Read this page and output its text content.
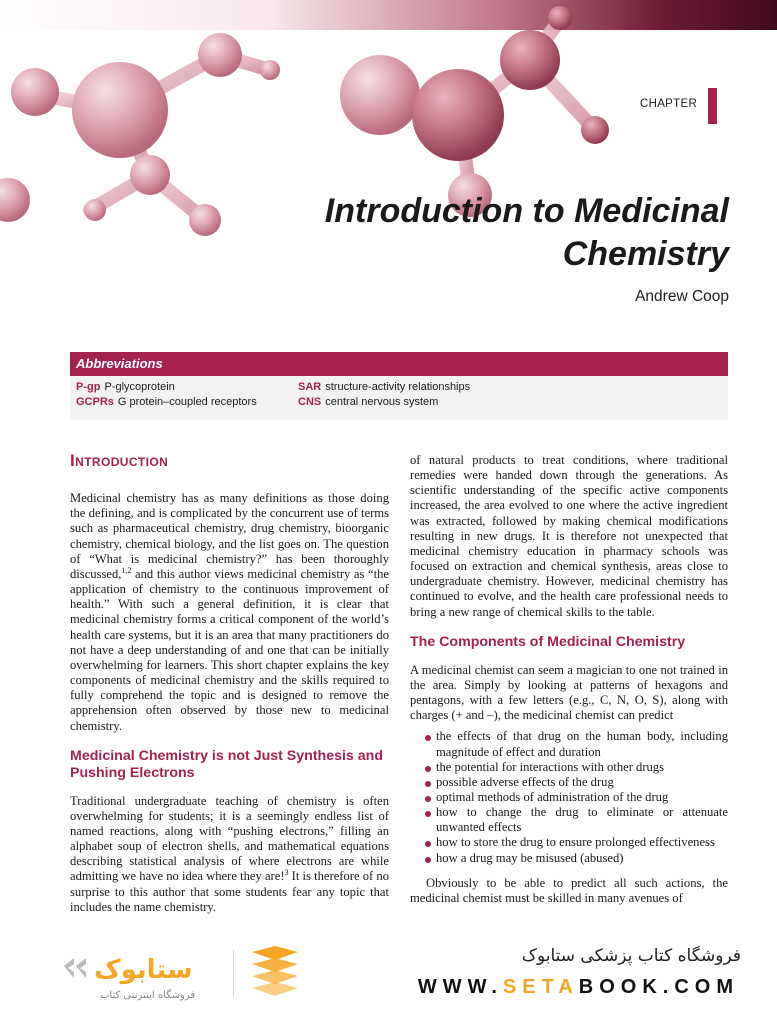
CHAPTER
Introduction to Medicinal
Chemistry
Andrew Coop
Abbreviations
P-gp P-glycoprotein
GCPRs G protein–coupled receptors
SAR structure-activity relationships
CNS central nervous system
Introduction

Medicinal chemistry has as many definitions as those doing the defining, and is complicated by the concurrent use of terms such as pharmaceutical chemistry, drug chemistry, bioorganic chemistry, chemical biology, and the list goes on. The question of “What is medicinal chemistry?” has been thoroughly discussed,$^{1,2}$ and this author views medicinal chemistry as “the application of chemistry to the continuous improvement of health.” With such a general definition, it is clear that medicinal chemistry forms a critical component of the world’s health care systems, but it is an area that many practitioners do not have a deep understanding of and one that can be initially overwhelming for learners. This short chapter explains the key components of medicinal chemistry and the skills required to fully comprehend the topic and is designed to remove the apprehension often observed by those new to medicinal chemistry.

Medicinal Chemistry is not Just Synthesis and Pushing Electrons

Traditional undergraduate teaching of chemistry is often overwhelming for students; it is a seemingly endless list of named reactions, along with “pushing electrons,” filling an alphabet soup of electron shells, and mathematical equations describing statistical analysis of where electrons are while admitting we have no idea where they are!$^3$ It is therefore of no surprise to this author that some students fear any topic that includes the name chemistry.

of natural products to treat conditions, where traditional remedies were handed down through the generations. As scientific understanding of the specific active components increased, the area evolved to one where the active ingredient was extracted, followed by making chemical modifications resulting in new drugs. It is therefore not unexpected that medicinal chemistry education in pharmacy schools was focused on extraction and chemical synthesis, areas close to undergraduate chemistry. However, medicinal chemistry has continued to evolve, and the health care professional needs to bring a new range of chemical skills to the table.

The Components of Medicinal Chemistry

A medicinal chemist can seem a magician to one not trained in the area. Simply by looking at patterns of hexagons and pentagons, with a few letters (e.g., C, N, O, S), along with charges (+ and –), the medicinal chemist can predict

the effects of that drug on the human body, including magnitude of effect and duration
the potential for interactions with other drugs
possible adverse effects of the drug
optimal methods of administration of the drug
how to change the drug to eliminate or attenuate unwanted effects
how to store the drug to ensure prolonged effectiveness
how a drug may be misused (abused)

Obviously to be able to predict all such actions, the medicinal chemist must be skilled in many avenues of

ستابوک
فروشگاه اینترنتی کتاب
فروشگاه کتاب پزشکی ستابوک
WWW.SETABOOK.COM
